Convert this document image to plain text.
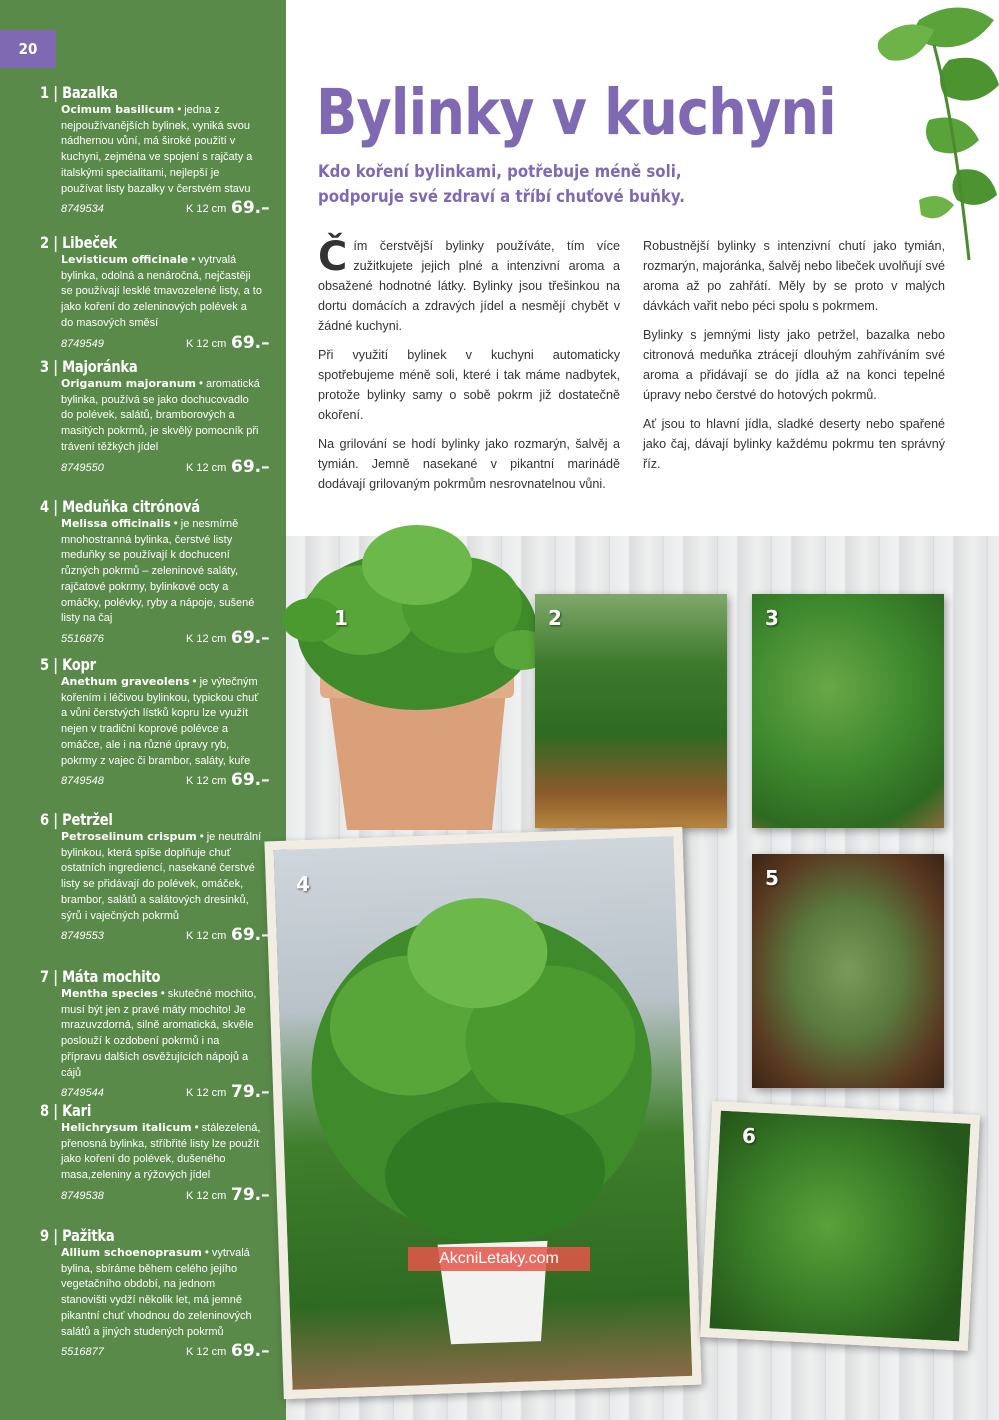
20
1 | Bazalka
Ocimum basilicum • jedna z nejpoužívanějších bylinek, vyniká svou nádhernou vůní, má široké použití v kuchyni, zejména ve spojení s rajčaty a italskými specialitami, nejlepší je používat listy bazalky v čerstvém stavu
8749534	K 12 cm 69.–
2 | Libeček
Levisticum officinale • vytrvalá bylinka, odolná a nenáročná, nejčastěji se používají lesklé tmavozelené listy, a to jako koření do zeleninových polévek a do masových směsí
8749549	K 12 cm 69.–
3 | Majoránka
Origanum majoranum • aromatická bylinka, používá se jako dochucovadlo do polévek, salátů, bramborových a masitých pokrmů, je skvělý pomocník při trávení těžkých jídel
8749550	K 12 cm 69.–
4 | Meduňka citrónová
Melissa officinalis • je nesmírně mnohostranná bylinka, čerstvé listy meduňky se používají k dochucení různých pokrmů – zeleninové saláty, rajčatové pokrmy, bylinkové octy a omáčky, polévky, ryby a nápoje, sušené listy na čaj
5516876	K 12 cm 69.–
5 | Kopr
Anethum graveolens • je výtečným kořením i léčivou bylinkou, typickou chuť a vůni čerstvých lístků kopru lze využít nejen v tradiční koprové polévce a omáčce, ale i na různé úpravy ryb, pokrmy z vajec či brambor, saláty, kuře
8749548	K 12 cm 69.–
6 | Petržel
Petroselinum crispum • je neutrální bylinkou, která spíše doplňuje chuť ostatních ingrediencí, nasekané čerstvé listy se přidávají do polévek, omáček, brambor, salátů a salátových dresinků, sýrů i vaječných pokrmů
8749553	K 12 cm 69.–
7 | Máta mochito
Mentha species • skutečné mochito, musí být jen z pravé máty mochito! Je mrazuvzdorná, silně aromatická, skvěle poslouží k ozdobení pokrmů i na přípravu dalších osvěžujících nápojů a cájů
8749544	K 12 cm 79.–
8 | Kari
Helichrysum italicum • stálezelená, přenosná bylinka, stříbřité listy lze použít jako koření do polévek, dušeného masa,zeleniny a rýžových jídel
8749538	K 12 cm 79.–
9 | Pažitka
Allium schoenoprasum • vytrvalá bylina, sbíráme během celého jejího vegetačního období, na jednom stanovišti vydží několik let, má jemně pikantní chuť vhodnou do zeleninových salátů a jiných studených pokrmů
5516877	K 12 cm 69.–
Bylinky v kuchyni
Kdo koření bylinkami, potřebuje méně soli, podporuje své zdraví a tříbí chuťové buňky.

Čím čerstvější bylinky používáte, tím více zužitkujete jejich plné a intenzivní aroma a obsažené hodnotné látky. Bylinky jsou třešinkou na dortu domácích a zdravých jídel a nesmějí chybět v žádné kuchyni.

Při využití bylinek v kuchyni automaticky spotřebujeme méně soli, které i tak máme nadbytek, protože bylinky samy o sobě pokrm již dostatečně okoření.

Na grilování se hodí bylinky jako rozmarýn, šalvěj a tymián. Jemně nasekané v pikantní marinádě dodávají grilovaným pokrmům nesrovnatelnou vůni.

Robustnější bylinky s intenzivní chutí jako tymián, rozmarýn, majoránka, šalvěj nebo libeček uvolňují své aroma až po zahřátí. Měly by se proto v malých dávkách vařit nebo péci spolu s pokrmem.

Bylinky s jemnými listy jako petržel, bazalka nebo citronová meduňka ztrácejí dlouhým zahříváním své aroma a přidávají se do jídla až na konci tepelné úpravy nebo čerstvé do hotových pokrmů.

Ať jsou to hlavní jídla, sladké deserty nebo spařené jako čaj, dávají bylinky každému pokrmu ten správný říz.

1	2	3
5
4
6
AkcniLetaky.com
